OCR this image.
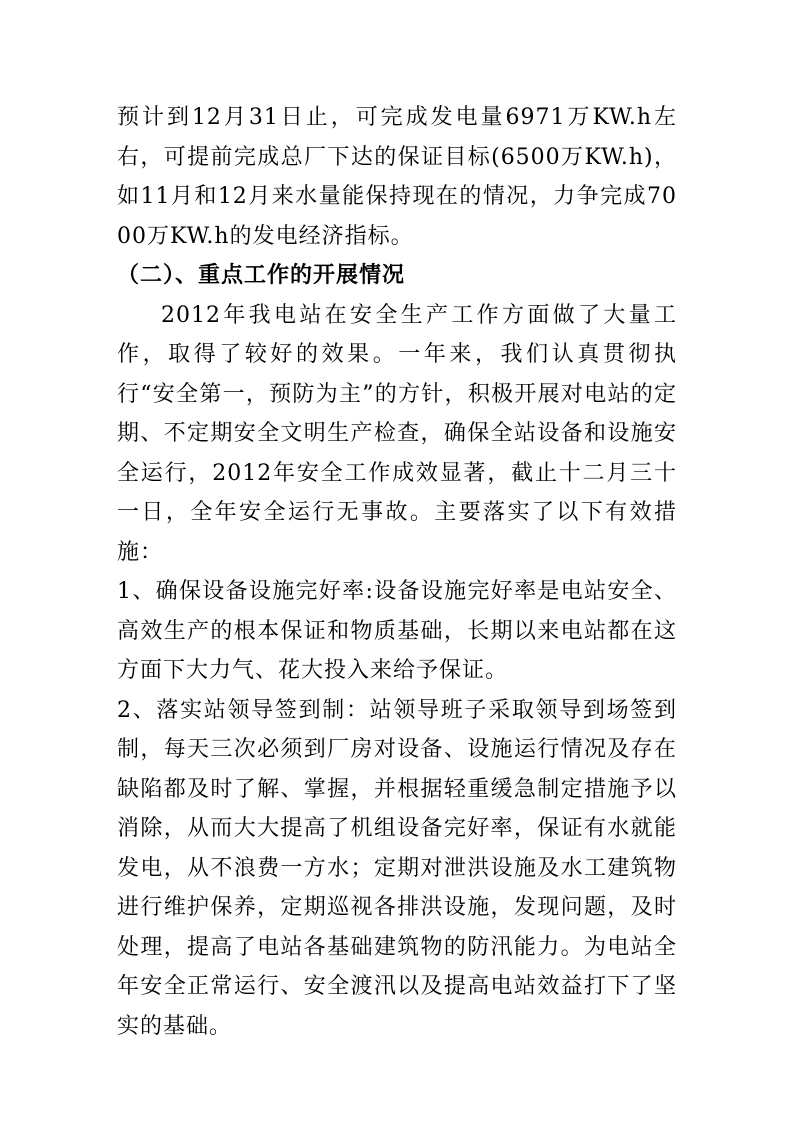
预计到12月31日止，可完成发电量6971万KW.h左右，可提前完成总厂下达的保证目标(6500万KW.h)，如11月和12月来水量能保持现在的情况，力争完成7000万KW.h的发电经济指标。

（二）、重点工作的开展情况

2012年我电站在安全生产工作方面做了大量工作，取得了较好的效果。一年来，我们认真贯彻执行“安全第一，预防为主”的方针，积极开展对电站的定期、不定期安全文明生产检查，确保全站设备和设施安全运行，2012年安全工作成效显著，截止十二月三十一日，全年安全运行无事故。主要落实了以下有效措施：

1、确保设备设施完好率:设备设施完好率是电站安全、高效生产的根本保证和物质基础，长期以来电站都在这方面下大力气、花大投入来给予保证。

2、落实站领导签到制：站领导班子采取领导到场签到制，每天三次必须到厂房对设备、设施运行情况及存在缺陷都及时了解、掌握，并根据轻重缓急制定措施予以消除，从而大大提高了机组设备完好率，保证有水就能发电，从不浪费一方水；定期对泄洪设施及水工建筑物进行维护保养，定期巡视各排洪设施，发现问题，及时处理，提高了电站各基础建筑物的防汛能力。为电站全年安全正常运行、安全渡汛以及提高电站效益打下了坚实的基础。
